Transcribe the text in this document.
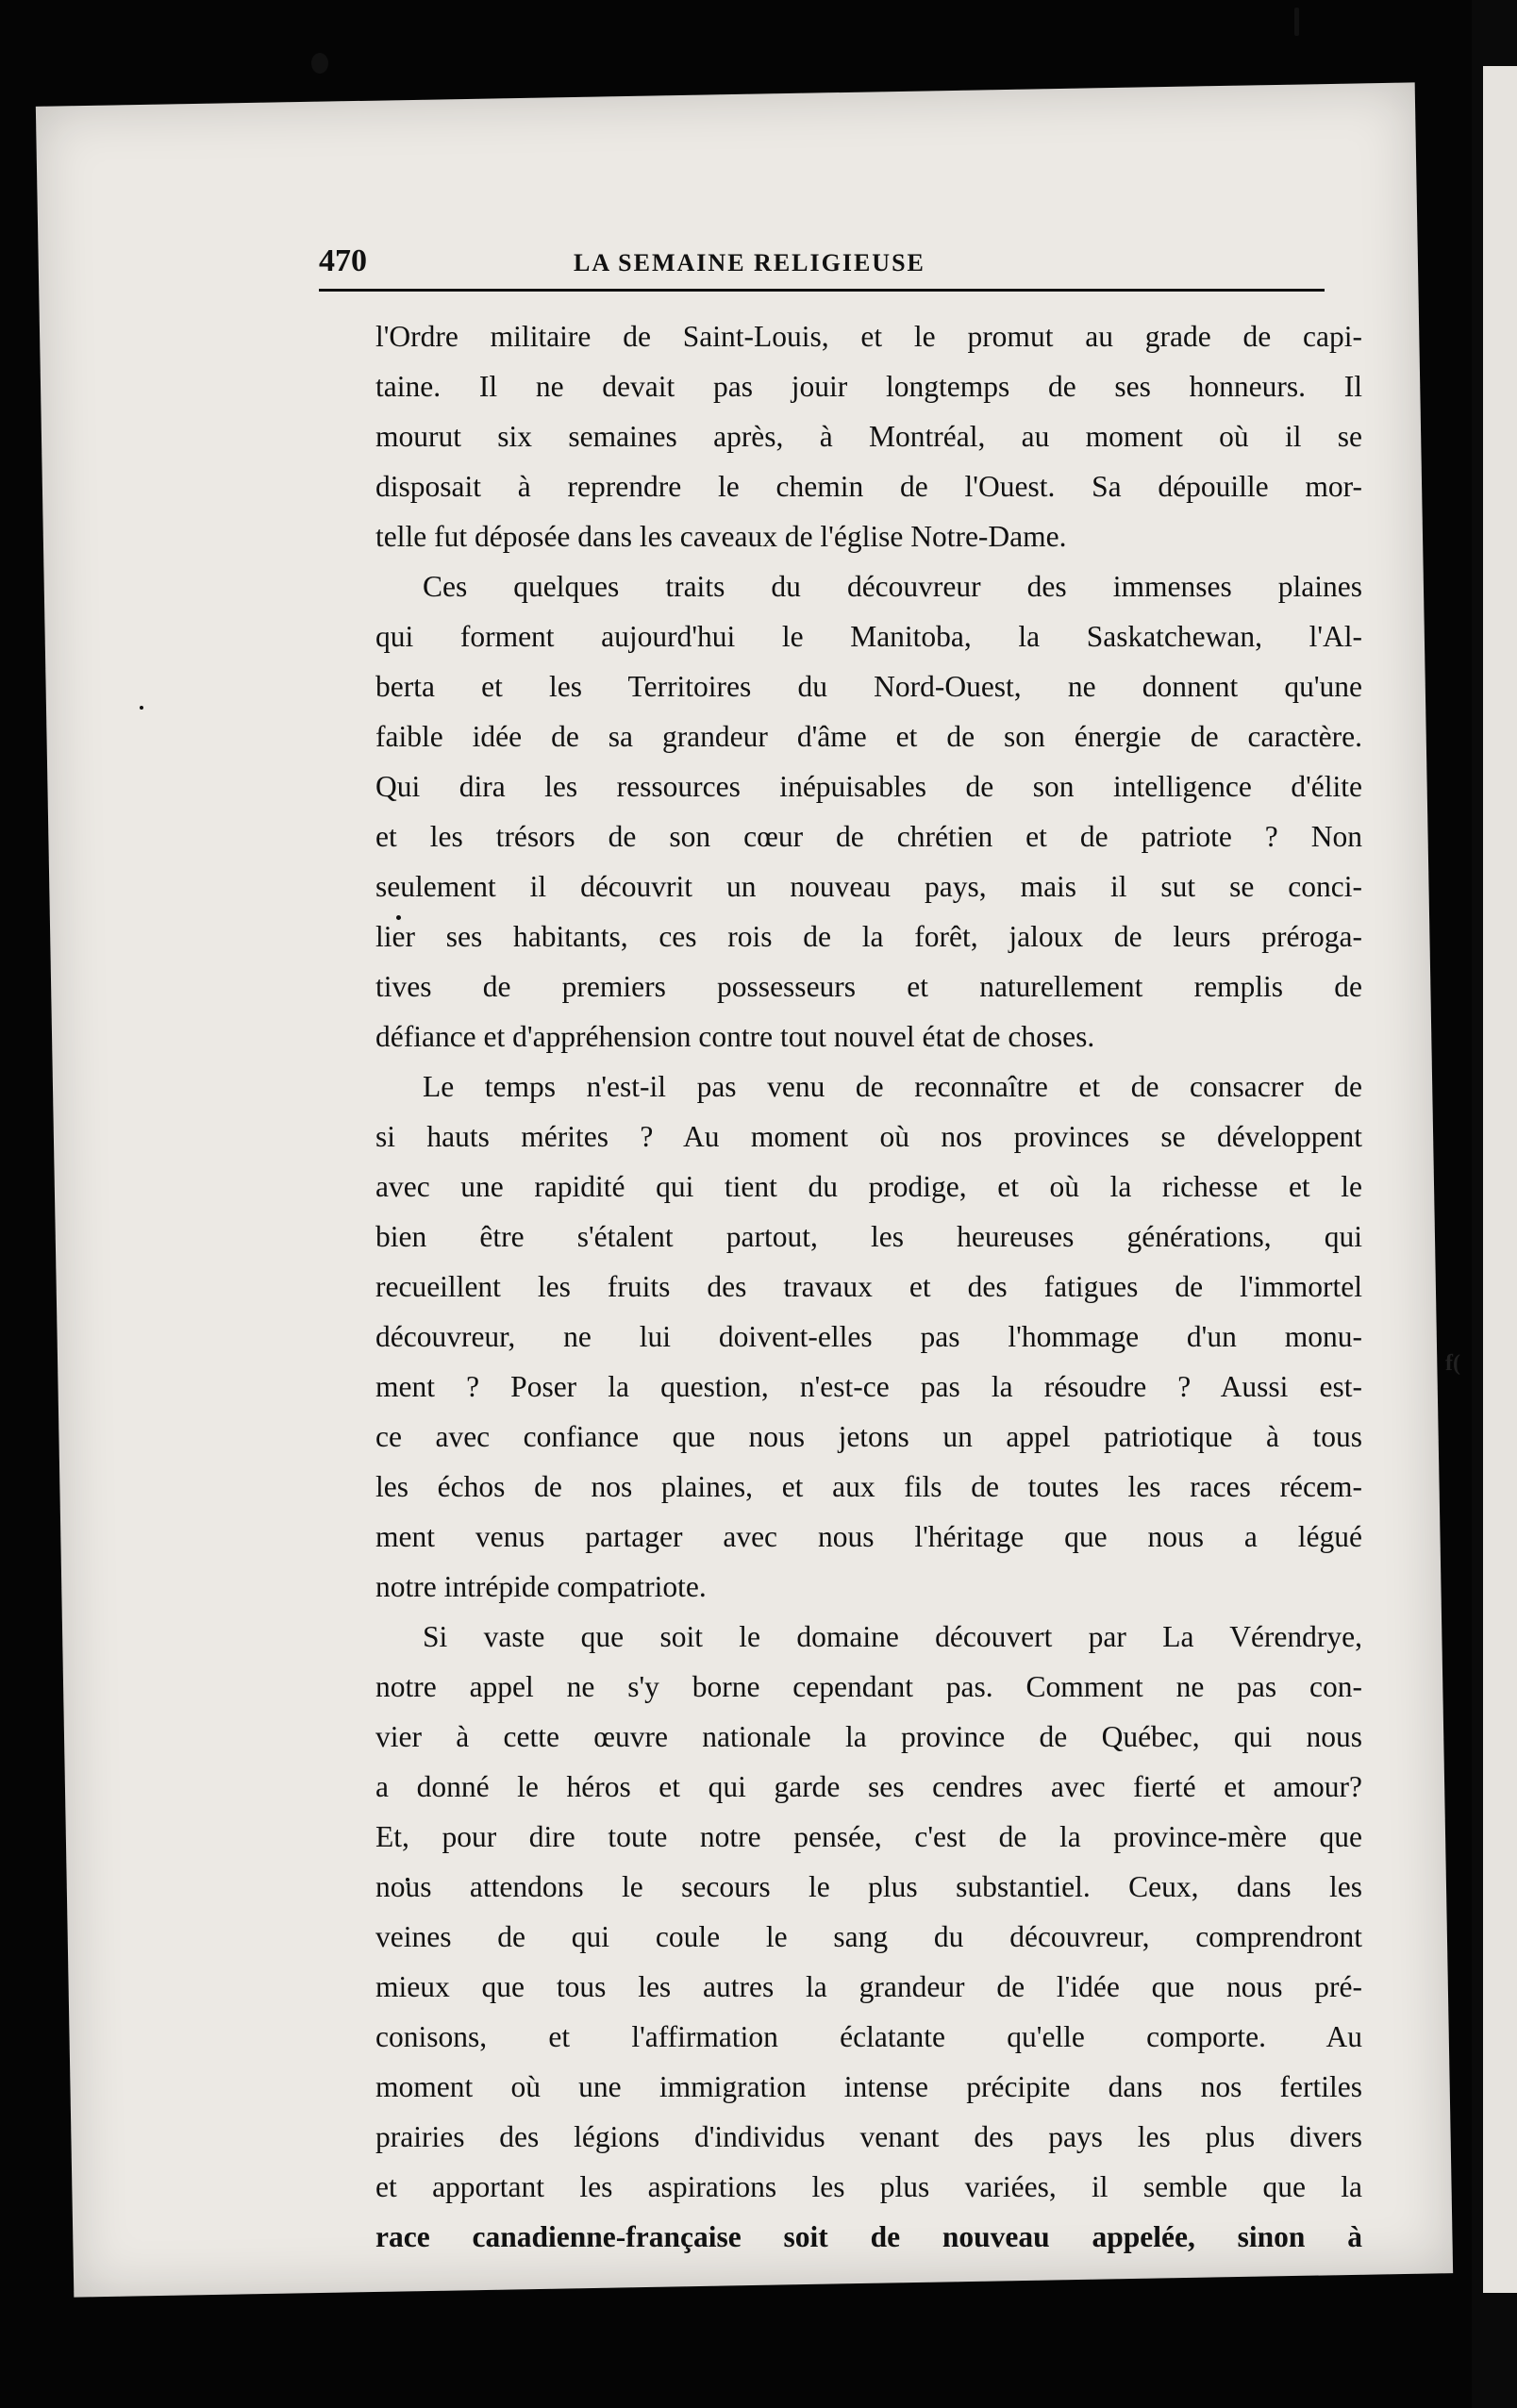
470	LA SEMAINE RELIGIEUSE

l'Ordre militaire de Saint-Louis, et le promut au grade de capi-
taine. Il ne devait pas jouir longtemps de ses honneurs. Il
mourut six semaines après, à Montréal, au moment où il se
disposait à reprendre le chemin de l'Ouest. Sa dépouille mor-
telle fut déposée dans les caveaux de l'église Notre-Dame.

Ces quelques traits du découvreur des immenses plaines
qui forment aujourd'hui le Manitoba, la Saskatchewan, l'Al-
berta et les Territoires du Nord-Ouest, ne donnent qu'une
faible idée de sa grandeur d'âme et de son énergie de caractère.
Qui dira les ressources inépuisables de son intelligence d'élite
et les trésors de son cœur de chrétien et de patriote ? Non
seulement il découvrit un nouveau pays, mais il sut se conci-
lier ses habitants, ces rois de la forêt, jaloux de leurs préroga-
tives de premiers possesseurs et naturellement remplis de
défiance et d'appréhension contre tout nouvel état de choses.

Le temps n'est-il pas venu de reconnaître et de consacrer de
si hauts mérites ? Au moment où nos provinces se développent
avec une rapidité qui tient du prodige, et où la richesse et le
bien être s'étalent partout, les heureuses générations, qui
recueillent les fruits des travaux et des fatigues de l'immortel
découvreur, ne lui doivent-elles pas l'hommage d'un monu-
ment ? Poser la question, n'est-ce pas la résoudre ? Aussi est-
ce avec confiance que nous jetons un appel patriotique à tous
les échos de nos plaines, et aux fils de toutes les races récem-
ment venus partager avec nous l'héritage que nous a légué
notre intrépide compatriote.

Si vaste que soit le domaine découvert par La Vérendrye,
notre appel ne s'y borne cependant pas. Comment ne pas con-
vier à cette œuvre nationale la province de Québec, qui nous
a donné le héros et qui garde ses cendres avec fierté et amour?
Et, pour dire toute notre pensée, c'est de la province-mère que
nous attendons le secours le plus substantiel. Ceux, dans les
veines de qui coule le sang du découvreur, comprendront
mieux que tous les autres la grandeur de l'idée que nous pré-
conisons, et l'affirmation éclatante qu'elle comporte. Au
moment où une immigration intense précipite dans nos fertiles
prairies des légions d'individus venant des pays les plus divers
et apportant les aspirations les plus variées, il semble que la
race canadienne-française soit de nouveau appelée, sinon à

f(
